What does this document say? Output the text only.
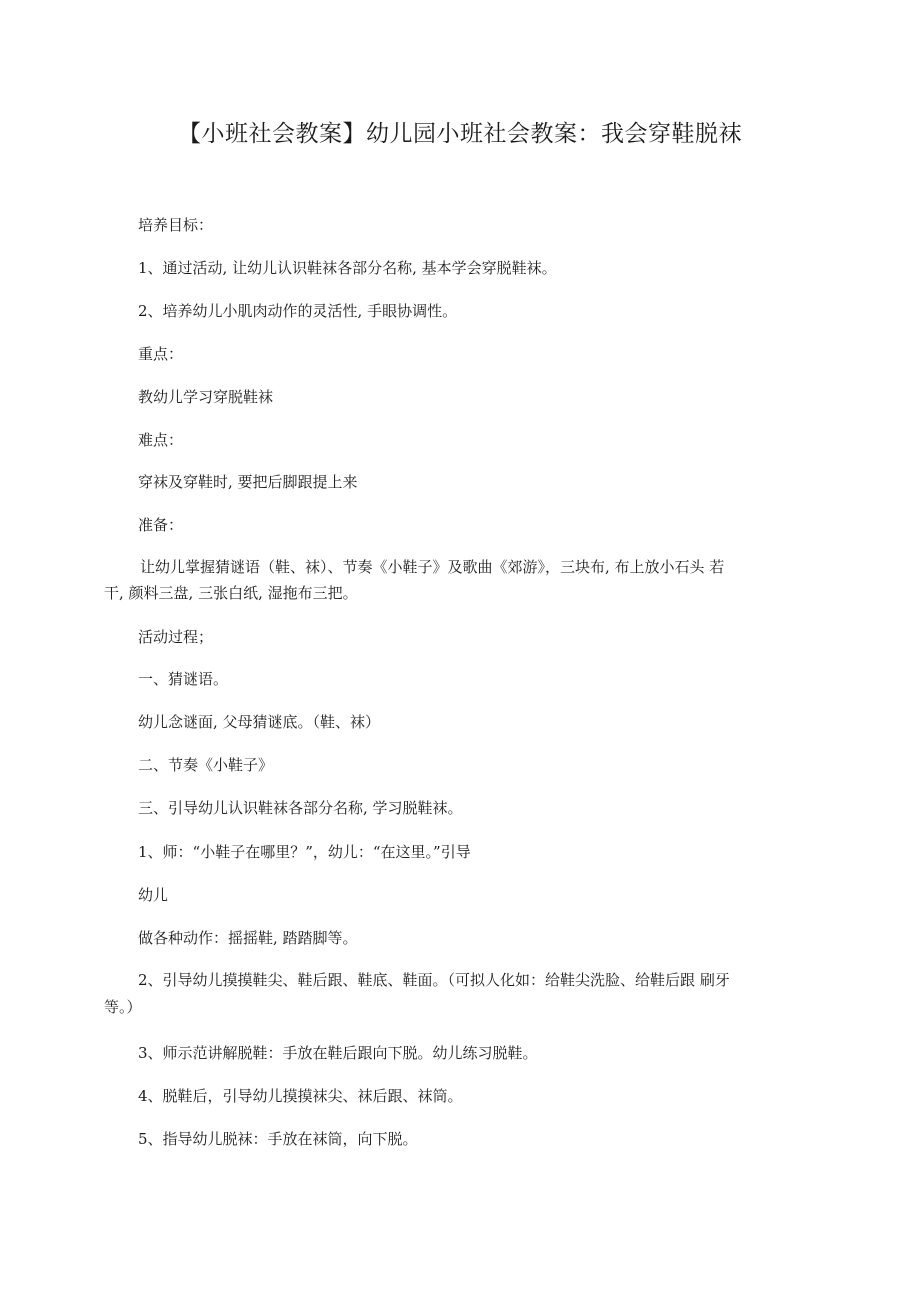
【小班社会教案】幼儿园小班社会教案：我会穿鞋脱袜
培养目标：
1、通过活动, 让幼儿认识鞋袜各部分名称, 基本学会穿脱鞋袜。
2、培养幼儿小肌肉动作的灵活性, 手眼协调性。
重点：
教幼儿学习穿脱鞋袜
难点：
穿袜及穿鞋时, 要把后脚跟提上来
准备：
让幼儿掌握猜谜语（鞋、袜）、节奏《小鞋子》及歌曲《郊游》，三块布, 布上放小石头 若
干, 颜料三盘, 三张白纸, 湿拖布三把。
活动过程；
一、猜谜语。
幼儿念谜面, 父母猜谜底。（鞋、袜）
二、节奏《小鞋子》
三、引导幼儿认识鞋袜各部分名称, 学习脱鞋袜。
1、师：“小鞋子在哪里？”，幼儿：“在这里。”引导
幼儿
做各种动作：摇摇鞋, 踏踏脚等。
2、引导幼儿摸摸鞋尖、鞋后跟、鞋底、鞋面。（可拟人化如：给鞋尖洗脸、给鞋后跟 刷牙
等。）
3、师示范讲解脱鞋：手放在鞋后跟向下脱。幼儿练习脱鞋。
4、脱鞋后，引导幼儿摸摸袜尖、袜后跟、袜筒。
5、指导幼儿脱袜：手放在袜筒，向下脱。
